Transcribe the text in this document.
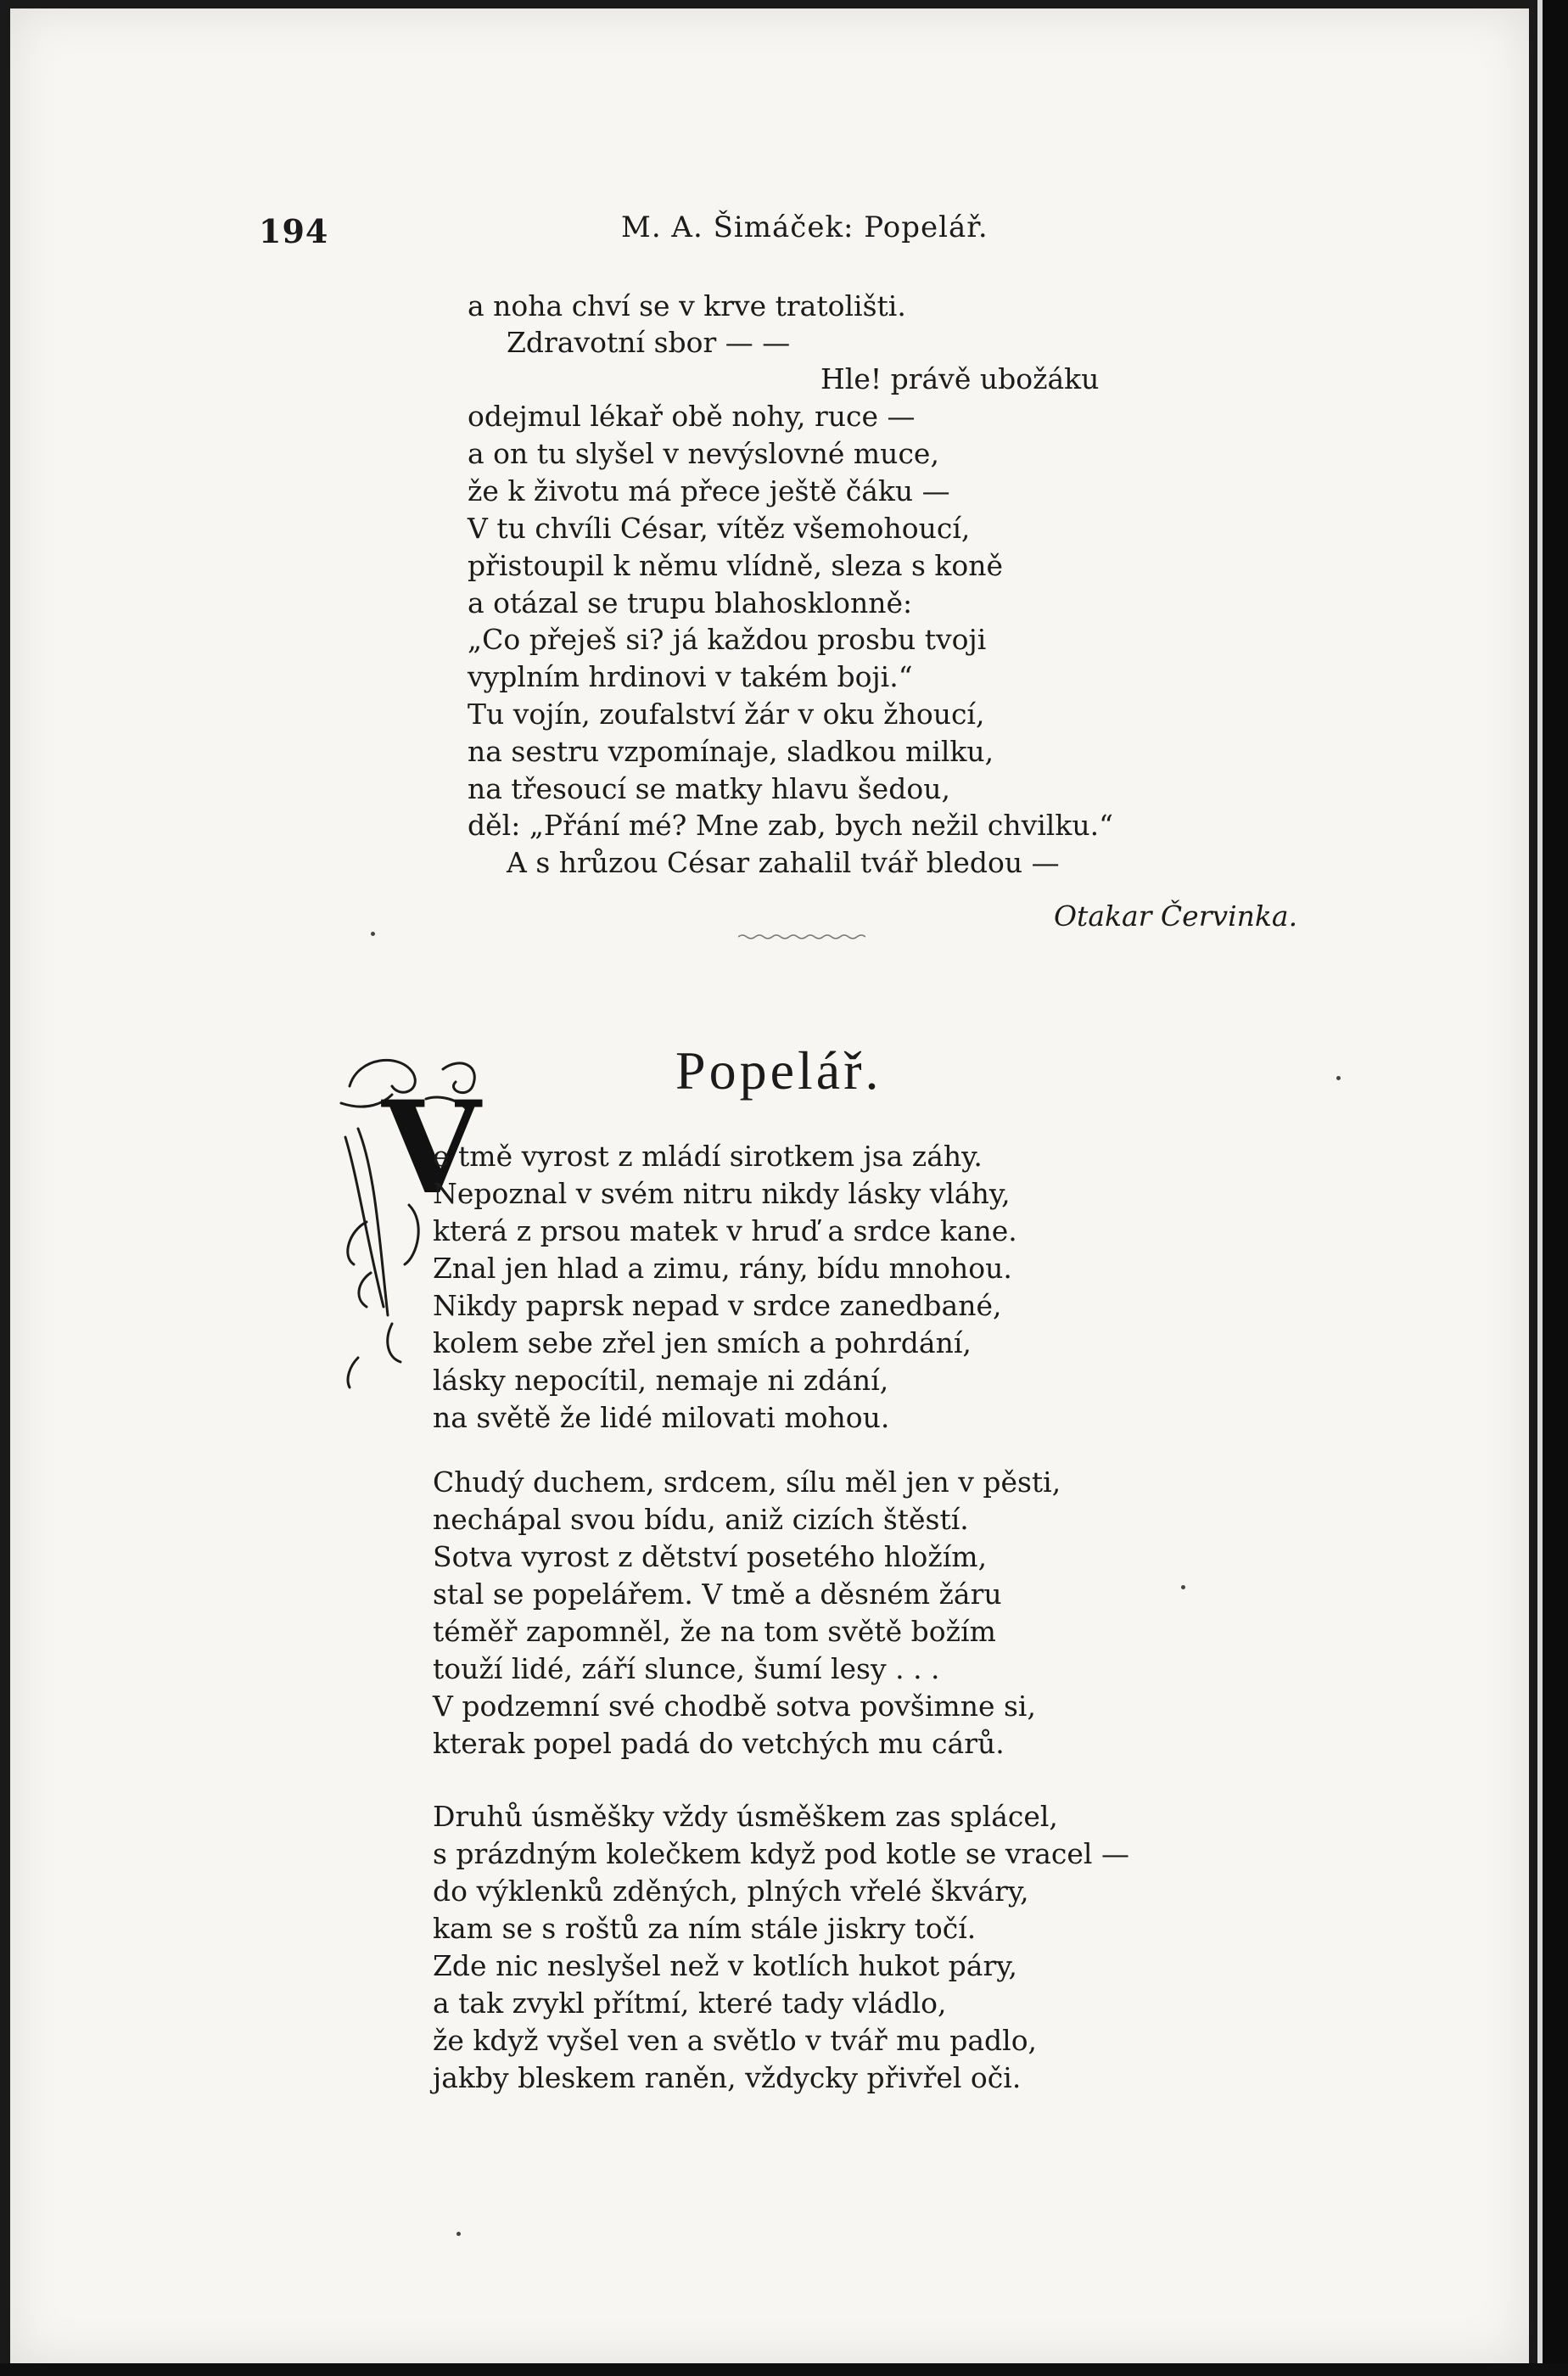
194	M. A. Šimáček: Popelář.
a noha chví se v krve tratolišti.
Zdravotní sbor — —
Hle! právě ubožáku
odejmul lékař obě nohy, ruce —
a on tu slyšel v nevýslovné muce,
že k životu má přece ještě čáku —
V tu chvíli César, vítěz všemohoucí,
přistoupil k němu vlídně, sleza s koně
a otázal se trupu blahosklonně:
„Co přeješ si? já každou prosbu tvoji
vyplním hrdinovi v takém boji.“
Tu vojín, zoufalství žár v oku žhoucí,
na sestru vzpomínaje, sladkou milku,
na třesoucí se matky hlavu šedou,
děl: „Přání mé? Mne zab, bych nežil chvilku.“
A s hrůzou César zahalil tvář bledou —
Otakar Červinka.
Popelář.
V
e tmě vyrost z mládí sirotkem jsa záhy.
Nepoznal v svém nitru nikdy lásky vláhy,
která z prsou matek v hruď a srdce kane.
Znal jen hlad a zimu, rány, bídu mnohou.
Nikdy paprsk nepad v srdce zanedbané,
kolem sebe zřel jen smích a pohrdání,
lásky nepocítil, nemaje ni zdání,
na světě že lidé milovati mohou.
Chudý duchem, srdcem, sílu měl jen v pěsti,
nechápal svou bídu, aniž cizích štěstí.
Sotva vyrost z dětství posetého hložím,
stal se popelářem. V tmě a děsném žáru
téměř zapomněl, že na tom světě božím
touží lidé, září slunce, šumí lesy . . .
V podzemní své chodbě sotva povšimne si,
kterak popel padá do vetchých mu cárů.
Druhů úsměšky vždy úsměškem zas splácel,
s prázdným kolečkem když pod kotle se vracel —
do výklenků zděných, plných vřelé škváry,
kam se s roštů za ním stále jiskry točí.
Zde nic neslyšel než v kotlích hukot páry,
a tak zvykl přítmí, které tady vládlo,
že když vyšel ven a světlo v tvář mu padlo,
jakby bleskem raněn, vždycky přivřel oči.
